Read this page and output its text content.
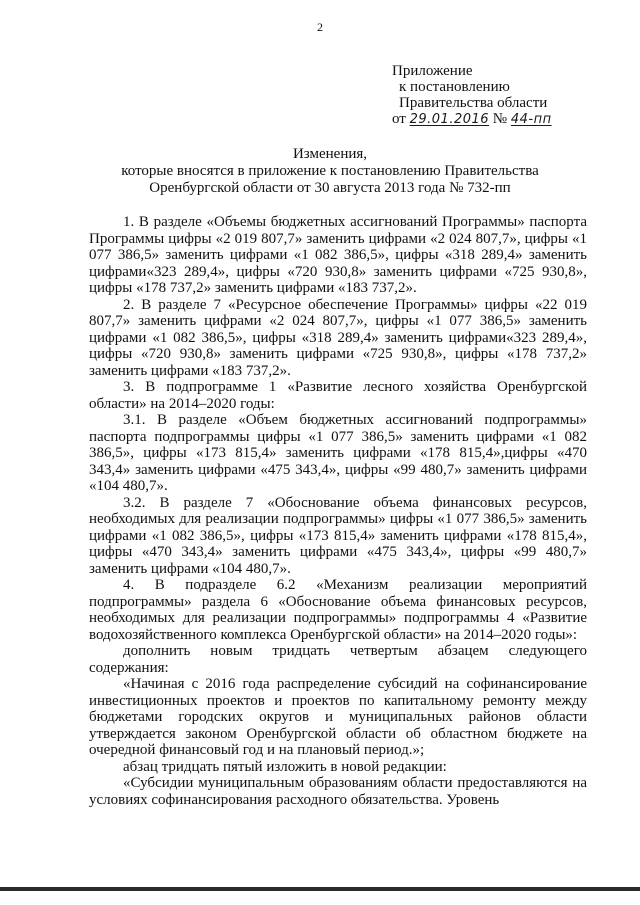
2
Приложение
к постановлению
Правительства области
от 29.01.2016 № 44-пп
Изменения,
которые вносятся в приложение к постановлению Правительства
Оренбургской области от 30 августа 2013 года № 732-пп

1. В разделе «Объемы бюджетных ассигнований Программы» паспорта Программы цифры «2 019 807,7» заменить цифрами «2 024 807,7», цифры «1 077 386,5» заменить цифрами «1 082 386,5», цифры «318 289,4» заменить цифрами«323 289,4», цифры «720 930,8» заменить цифрами «725 930,8», цифры «178 737,2» заменить цифрами «183 737,2».

2. В разделе 7 «Ресурсное обеспечение Программы» цифры «22 019 807,7» заменить цифрами «2 024 807,7», цифры «1 077 386,5» заменить цифрами «1 082 386,5», цифры «318 289,4» заменить цифрами«323 289,4», цифры «720 930,8» заменить цифрами «725 930,8», цифры «178 737,2» заменить цифрами «183 737,2».

3. В подпрограмме 1 «Развитие лесного хозяйства Оренбургской области» на 2014–2020 годы:

3.1. В разделе «Объем бюджетных ассигнований подпрограммы» паспорта подпрограммы цифры «1 077 386,5» заменить цифрами «1 082 386,5», цифры «173 815,4» заменить цифрами «178 815,4»,цифры «470 343,4» заменить цифрами «475 343,4», цифры «99 480,7» заменить цифрами «104 480,7».

3.2. В разделе 7 «Обоснование объема финансовых ресурсов, необходимых для реализации подпрограммы» цифры «1 077 386,5» заменить цифрами «1 082 386,5», цифры «173 815,4» заменить цифрами «178 815,4», цифры «470 343,4» заменить цифрами «475 343,4», цифры «99 480,7» заменить цифрами «104 480,7».

4. В подразделе 6.2 «Механизм реализации мероприятий подпрограммы» раздела 6 «Обоснование объема финансовых ресурсов, необходимых для реализации подпрограммы» подпрограммы 4 «Развитие водохозяйственного комплекса Оренбургской области» на 2014–2020 годы»:

дополнить новым тридцать четвертым абзацем следующего содержания:

«Начиная с 2016 года распределение субсидий на софинансирование инвестиционных проектов и проектов по капитальному ремонту между бюджетами городских округов и муниципальных районов области утверждается законом Оренбургской области об областном бюджете на очередной финансовый год и на плановый период.»;

абзац тридцать пятый изложить в новой редакции:

«Субсидии муниципальным образованиям области предоставляются на условиях софинансирования расходного обязательства. Уровень
